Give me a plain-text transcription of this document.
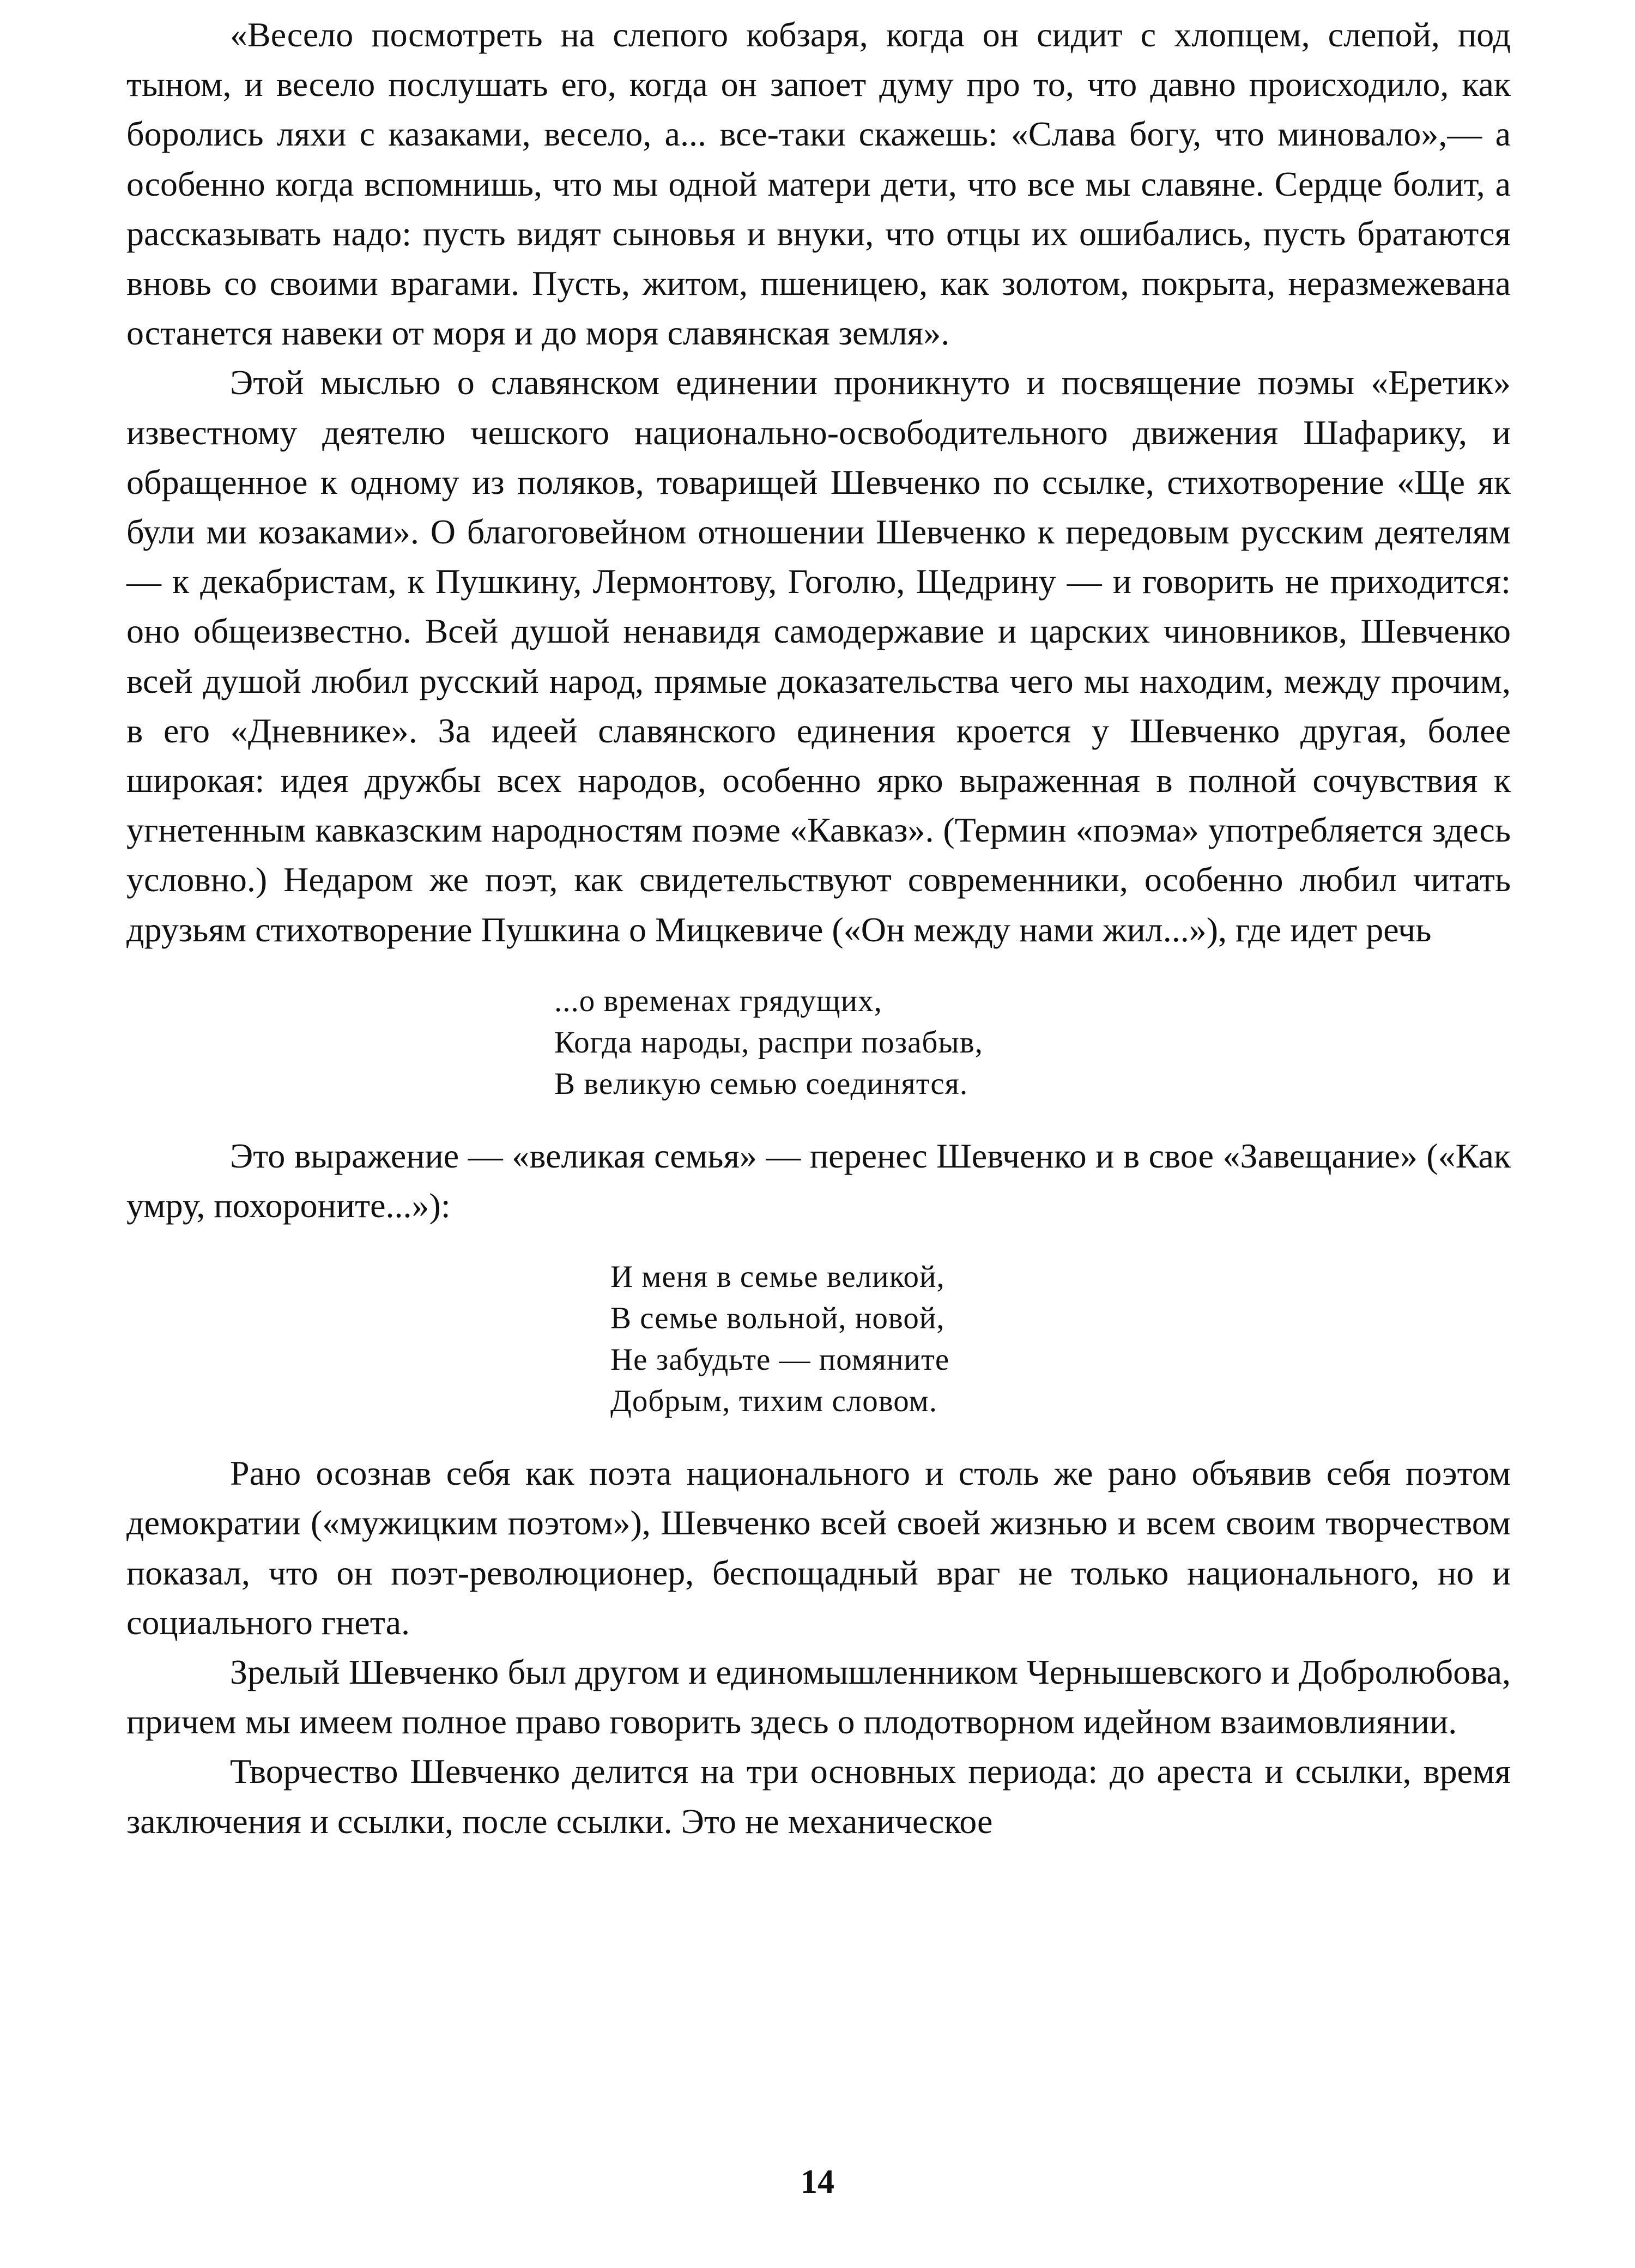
«Весело посмотреть на слепого кобзаря, когда он сидит с хлопцем, слепой, под тыном, и весело послушать его, когда он запоет думу про то, что давно происходило, как боролись ляхи с казаками, весело, а... все-таки скажешь: «Слава богу, что миновало»,— а особенно когда вспомнишь, что мы одной матери дети, что все мы славяне. Сердце болит, а рассказывать надо: пусть видят сыновья и внуки, что отцы их ошибались, пусть братаются вновь со своими врагами. Пусть, житом, пшеницею, как золотом, покрыта, неразмежевана останется навеки от моря и до моря славянская земля».

Этой мыслью о славянском единении проникнуто и посвящение поэмы «Еретик» известному деятелю чешского национально-освободительного движения Шафарику, и обращенное к одному из поляков, товарищей Шевченко по ссылке, стихотворение «Ще як були ми козаками». О благоговейном отношении Шевченко к передовым русским деятелям — к декабристам, к Пушкину, Лермонтову, Гоголю, Щедрину — и говорить не приходится: оно общеизвестно. Всей душой ненавидя самодержавие и царских чиновников, Шевченко всей душой любил русский народ, прямые доказательства чего мы находим, между прочим, в его «Дневнике». За идеей славянского единения кроется у Шевченко другая, более широкая: идея дружбы всех народов, особенно ярко выраженная в полной сочувствия к угнетенным кавказским народностям поэме «Кавказ». (Термин «поэма» употребляется здесь условно.) Недаром же поэт, как свидетельствуют современники, особенно любил читать друзьям стихотворение Пушкина о Мицкевиче («Он между нами жил...»), где идет речь

...о временах грядущих,
Когда народы, распри позабыв,
В великую семью соединятся.

Это выражение — «великая семья» — перенес Шевченко и в свое «Завещание» («Как умру, похороните...»):

И меня в семье великой,
В семье вольной, новой,
Не забудьте — помяните
Добрым, тихим словом.

Рано осознав себя как поэта национального и столь же рано объявив себя поэтом демократии («мужицким поэтом»), Шевченко всей своей жизнью и всем своим творчеством показал, что он поэт-революционер, беспощадный враг не только национального, но и социального гнета.

Зрелый Шевченко был другом и единомышленником Чернышевского и Добролюбова, причем мы имеем полное право говорить здесь о плодотворном идейном взаимовлиянии.

Творчество Шевченко делится на три основных периода: до ареста и ссылки, время заключения и ссылки, после ссылки. Это не механическое

14
